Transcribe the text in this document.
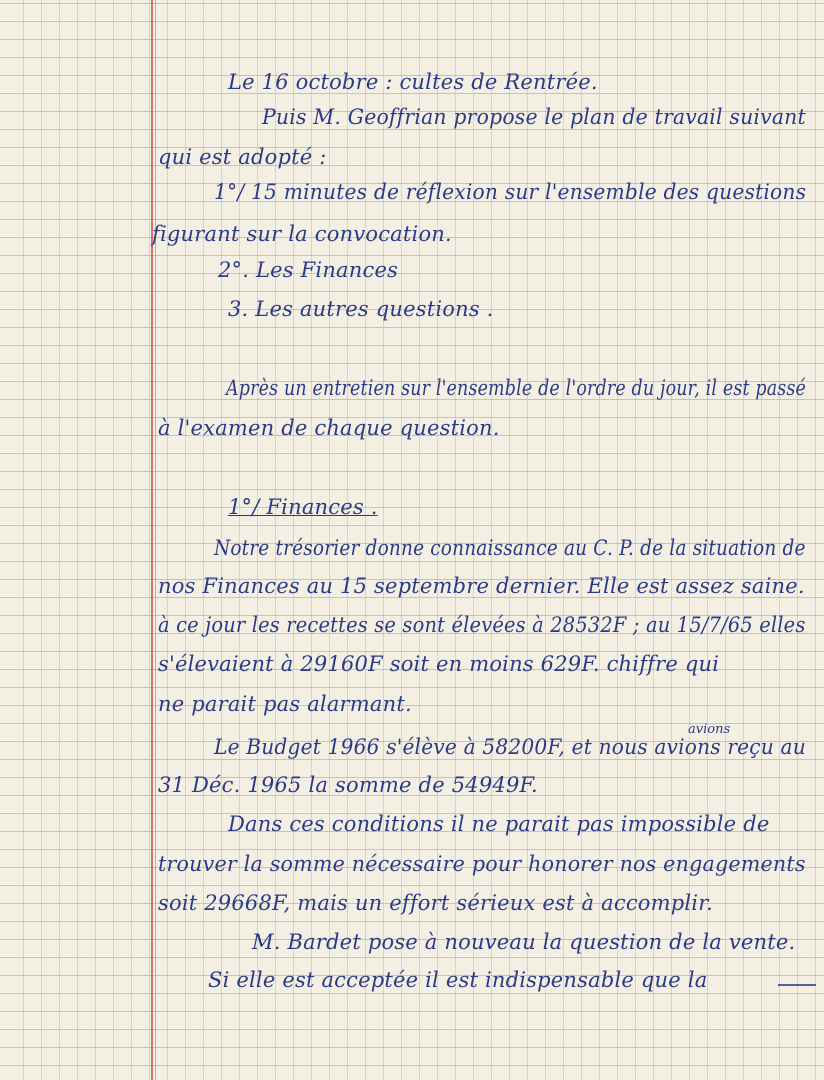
Le 16 octobre : cultes de Rentrée.
Puis M. Geoffrian propose le plan de travail suivant
qui est adopté :
1°/ 15 minutes de réflexion sur l'ensemble des questions
figurant sur la convocation.
2°. Les Finances
3. Les autres questions .
Après un entretien sur l'ensemble de l'ordre du jour, il est passé
à l'examen de chaque question.
1°/ Finances .
Notre trésorier donne connaissance au C. P. de la situation de
nos Finances au 15 septembre dernier. Elle est assez saine.
à ce jour les recettes se sont élevées à 28532F ; au 15/7/65 elles
s'élevaient à 29160F soit en moins 629F. chiffre qui
ne parait pas alarmant.
avions
Le Budget 1966 s'élève à 58200F, et nous avions reçu au
31 Déc. 1965 la somme de 54949F.
Dans ces conditions il ne parait pas impossible de
trouver la somme nécessaire pour honorer nos engagements
soit 29668F, mais un effort sérieux est à accomplir.
M. Bardet pose à nouveau la question de la vente.
Si elle est acceptée il est indispensable que la
